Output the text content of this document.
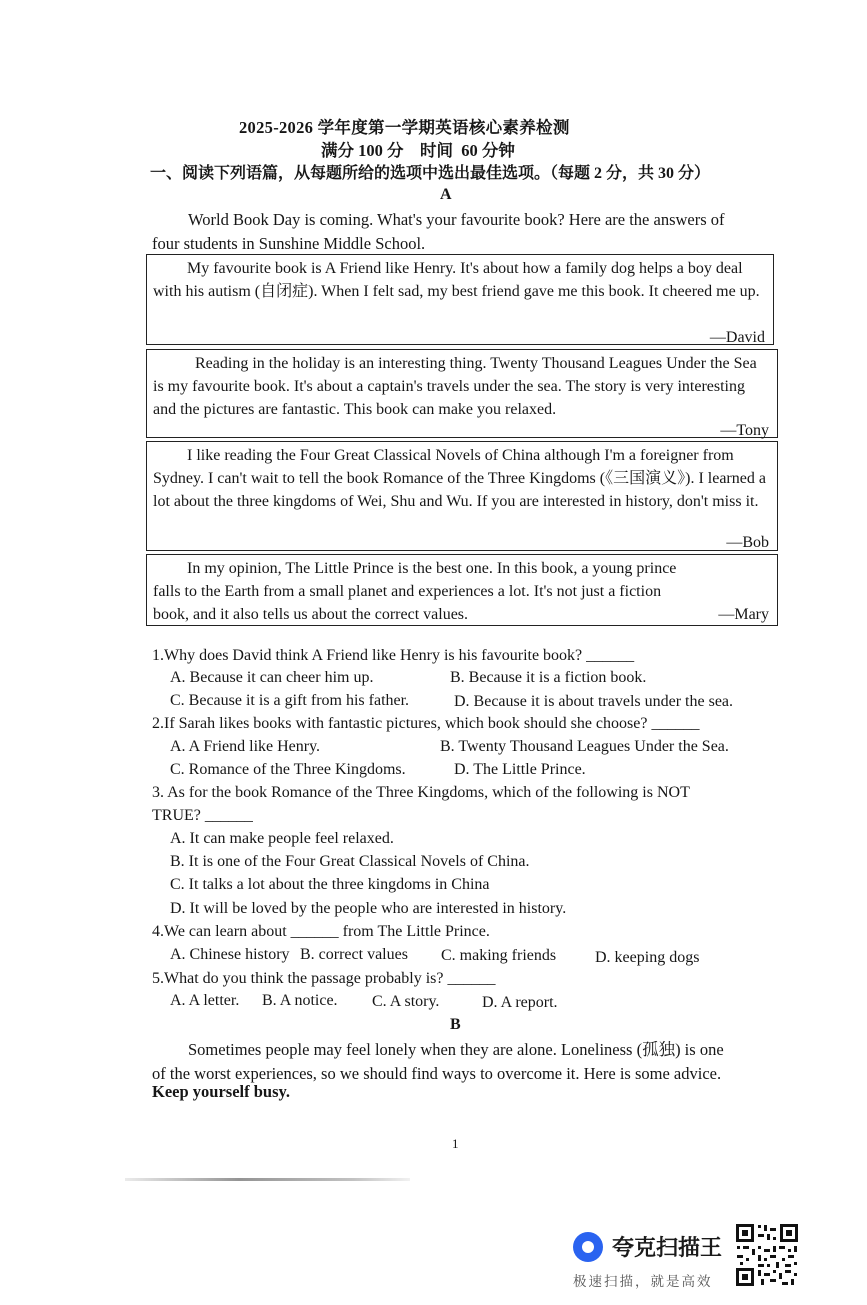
2025-2026 学年度第一学期英语核心素养检测
满分 100 分    时间  60 分钟
一、阅读下列语篇，从每题所给的选项中选出最佳选项。（每题 2 分，共 30 分）
A
World Book Day is coming. What's your favourite book? Here are the answers of
four students in Sunshine Middle School.
My favourite book is A Friend like Henry. It's about how a family dog helps a boy deal with his autism (自闭症). When I felt sad, my best friend gave me this book. It cheered me up.
—David
Reading in the holiday is an interesting thing. Twenty Thousand Leagues Under the Sea is my favourite book. It's about a captain's travels under the sea. The story is very interesting and the pictures are fantastic. This book can make you relaxed.
—Tony
I like reading the Four Great Classical Novels of China although I'm a foreigner from Sydney. I can't wait to tell the book Romance of the Three Kingdoms (《三国演义》). I learned a lot about the three kingdoms of Wei, Shu and Wu. If you are interested in history, don't miss it.
—Bob
In my opinion, The Little Prince is the best one. In this book, a young prince falls to the Earth from a small planet and experiences a lot. It's not just a fiction book, and it also tells us about the correct values.	—Mary
1.Why does David think A Friend like Henry is his favourite book? ______
A. Because it can cheer him up.	B. Because it is a fiction book.
C. Because it is a gift from his father.	D. Because it is about travels under the sea.
2.If Sarah likes books with fantastic pictures, which book should she choose? ______
A. A Friend like Henry.	B. Twenty Thousand Leagues Under the Sea.
C. Romance of the Three Kingdoms.	D. The Little Prince.
3. As for the book Romance of the Three Kingdoms, which of the following is NOT
TRUE? ______
A. It can make people feel relaxed.
B. It is one of the Four Great Classical Novels of China.
C. It talks a lot about the three kingdoms in China
D. It will be loved by the people who are interested in history.
4.We can learn about ______ from The Little Prince.
A. Chinese history B. correct values C. making friends D. keeping dogs
5.What do you think the passage probably is? ______
A. A letter. B. A notice. C. A story.	D. A report.
B
Sometimes people may feel lonely when they are alone. Loneliness (孤独) is one
of the worst experiences, so we should find ways to overcome it. Here is some advice.
Keep yourself busy.
1
夸克扫描王
极速扫描，就是高效
